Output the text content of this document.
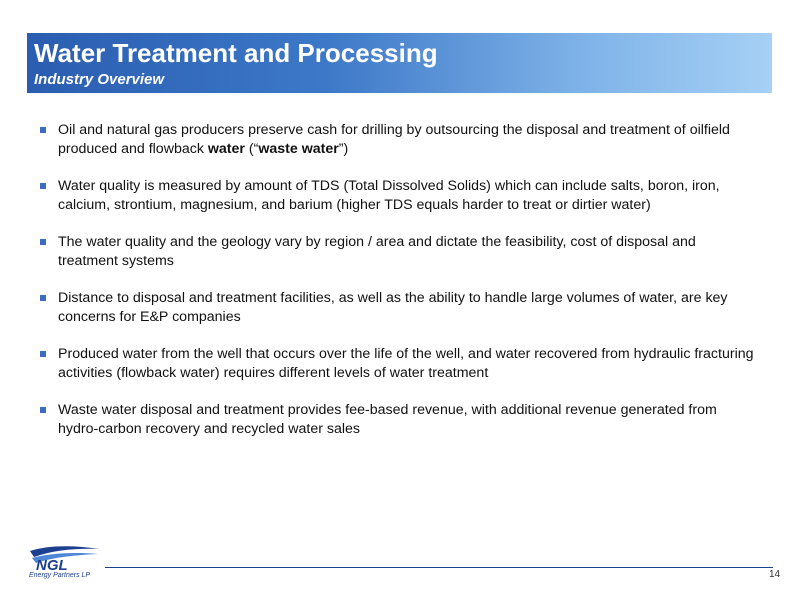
Water Treatment and Processing
Industry Overview
Oil and natural gas producers preserve cash for drilling by outsourcing the disposal and treatment of oilfield produced and flowback water (“waste water”)
Water quality is measured by amount of TDS (Total Dissolved Solids) which can include salts, boron, iron, calcium, strontium, magnesium, and barium (higher TDS equals harder to treat or dirtier water)
The water quality and the geology vary by region / area and dictate the feasibility, cost of disposal and treatment systems
Distance to disposal and treatment facilities, as well as the ability to handle large volumes of water, are key concerns for E&P companies
Produced water from the well that occurs over the life of the well, and water recovered from hydraulic fracturing activities (flowback water) requires different levels of water treatment
Waste water disposal and treatment provides fee-based revenue, with additional revenue generated from hydro-carbon recovery and recycled water sales
NGL
Energy Partners LP	14
